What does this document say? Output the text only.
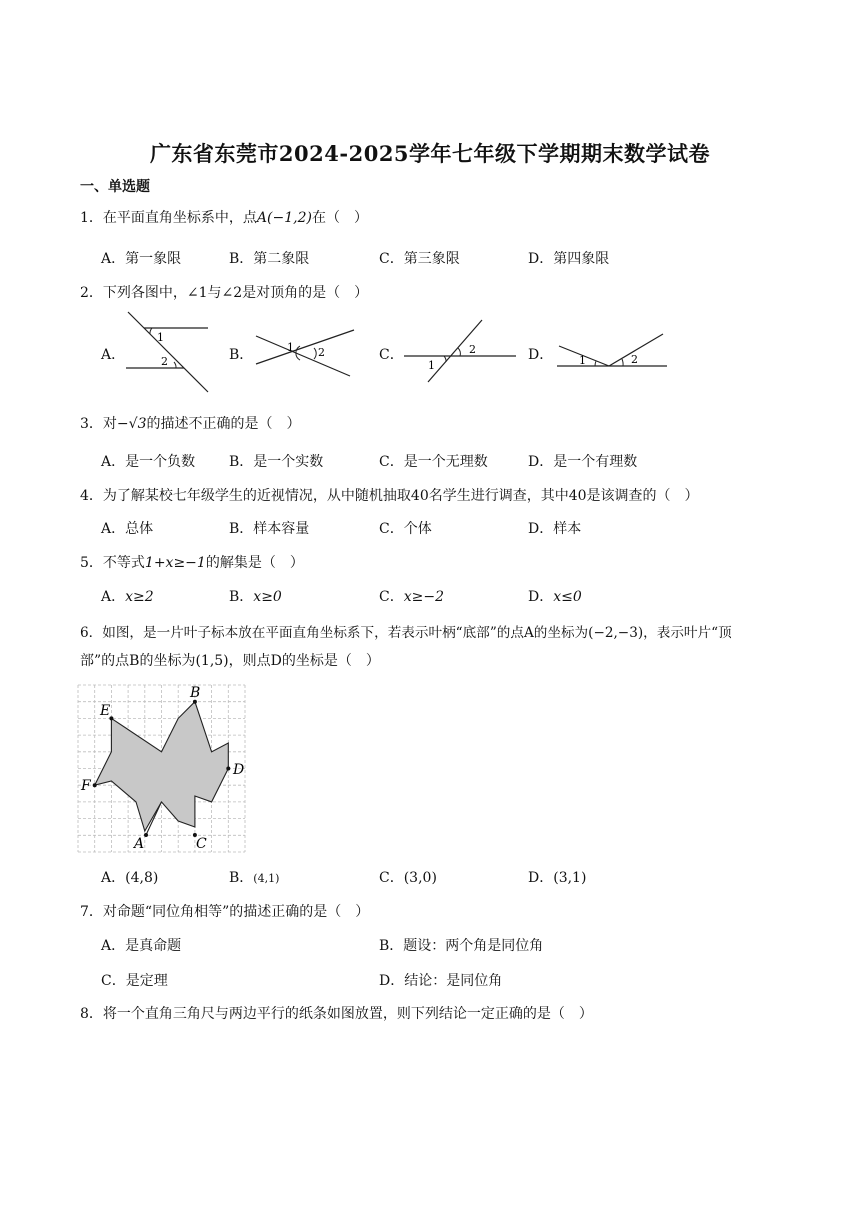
广东省东莞市2024-2025学年七年级下学期期末数学试卷
一、单选题
1．在平面直角坐标系中，点A(−1,2)在（　）
A．第一象限	B．第二象限	C．第三象限	D．第四象限
2．下列各图中，∠1与∠2是对顶角的是（　）
A．	B．	C．	D．
1
2
1 2
1
2
1	2
3．对−√3的描述不正确的是（　）
A．是一个负数 B．是一个实数	C．是一个无理数	D．是一个有理数
4．为了解某校七年级学生的近视情况，从中随机抽取40名学生进行调查，其中40是该调查的（　）
A．总体	B．样本容量	C．个体	D．样本
5．不等式1+x≥−1的解集是（　）
A．x≥2	B．x≥0	C．x≥−2	D．x≤0
6．如图，是一片叶子标本放在平面直角坐标系下，若表示叶柄“底部”的点A的坐标为(−2,−3)，表示叶片“顶
部”的点B的坐标为(1,5)，则点D的坐标是（　）
E
B
D
F
A	C
A．(4,8)	B．(4,1)	C．(3,0)	D．(3,1)
7．对命题“同位角相等”的描述正确的是（　）
A．是真命题	B．题设：两个角是同位角
C．是定理	D．结论：是同位角
8．将一个直角三角尺与两边平行的纸条如图放置，则下列结论一定正确的是（　）
